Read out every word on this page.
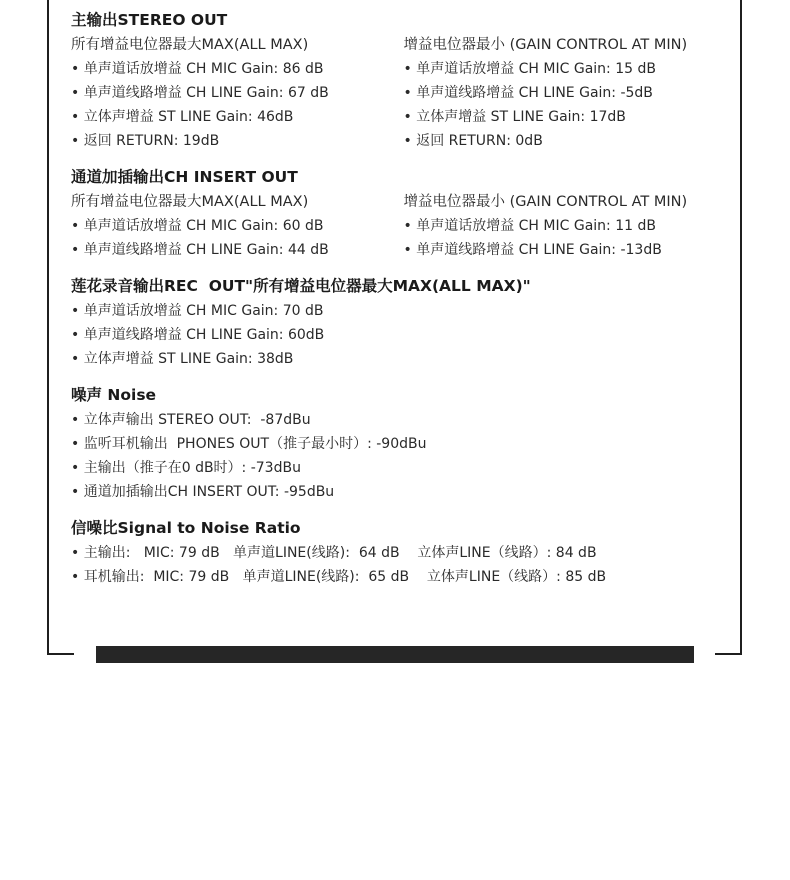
主输出STEREO OUT
所有增益电位器最大MAX(ALL MAX)
• 单声道话放增益 CH MIC Gain: 86 dB
• 单声道线路增益 CH LINE Gain: 67 dB
• 立体声增益 ST LINE Gain: 46dB
• 返回 RETURN: 19dB
增益电位器最小 (GAIN CONTROL AT MIN)
• 单声道话放增益 CH MIC Gain: 15 dB
• 单声道线路增益 CH LINE Gain: -5dB
• 立体声增益 ST LINE Gain: 17dB
• 返回 RETURN: 0dB
通道加插输出CH INSERT OUT
所有增益电位器最大MAX(ALL MAX)
• 单声道话放增益 CH MIC Gain: 60 dB
• 单声道线路增益 CH LINE Gain: 44 dB
增益电位器最小 (GAIN CONTROL AT MIN)
• 单声道话放增益 CH MIC Gain: 11 dB
• 单声道线路增益 CH LINE Gain: -13dB
莲花录音输出REC  OUT"所有增益电位器最大MAX(ALL MAX)"
• 单声道话放增益 CH MIC Gain: 70 dB
• 单声道线路增益 CH LINE Gain: 60dB
• 立体声增益 ST LINE Gain: 38dB
噪声 Noise
• 立体声输出 STEREO OUT:  -87dBu
• 监听耳机输出  PHONES OUT（推子最小时）: -90dBu
• 主输出（推子在0 dB时）: -73dBu
• 通道加插输出CH INSERT OUT: -95dBu
信噪比Signal to Noise Ratio
• 主输出:   MIC: 79 dB   单声道LINE(线路):  64 dB    立体声LINE（线路）: 84 dB
• 耳机输出:  MIC: 79 dB   单声道LINE(线路):  65 dB    立体声LINE（线路）: 85 dB
